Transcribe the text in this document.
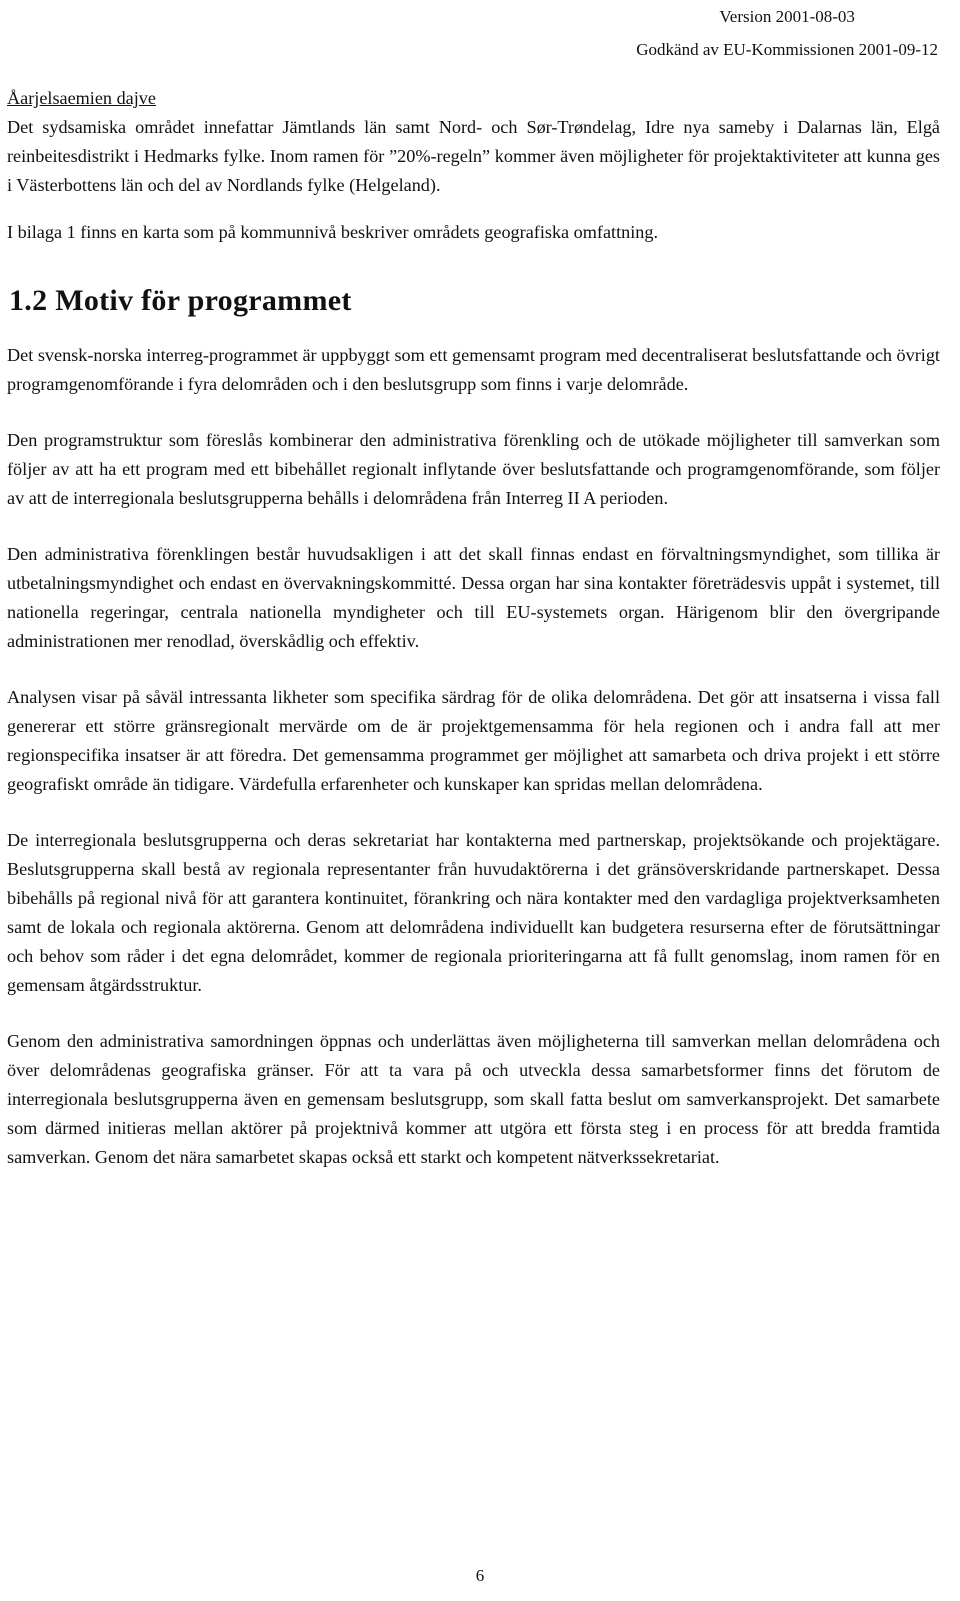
Version 2001-08-03
Godkänd av EU-Kommissionen 2001-09-12

Åarjelsaemien dajve
Det sydsamiska området innefattar Jämtlands län samt Nord- och Sør-Trøndelag, Idre nya sameby i Dalarnas län, Elgå reinbeitesdistrikt i Hedmarks fylke. Inom ramen för ”20%-regeln” kommer även möjligheter för projektaktiviteter att kunna ges i Västerbottens län och del av Nordlands fylke (Helgeland).

I bilaga 1 finns en karta som på kommunnivå beskriver områdets geografiska omfattning.

1.2 Motiv för programmet

Det svensk-norska interreg-programmet är uppbyggt som ett gemensamt program med decentraliserat beslutsfattande och övrigt programgenomförande i fyra delområden och i den beslutsgrupp som finns i varje delområde.

Den programstruktur som föreslås kombinerar den administrativa förenkling och de utökade möjligheter till samverkan som följer av att ha ett program med ett bibehållet regionalt inflytande över beslutsfattande och programgenomförande, som följer av att de interregionala beslutsgrupperna behålls i delområdena från Interreg II A perioden.

Den administrativa förenklingen består huvudsakligen i att det skall finnas endast en förvaltningsmyndighet, som tillika är utbetalningsmyndighet och endast en övervakningskommitté. Dessa organ har sina kontakter företrädesvis uppåt i systemet, till nationella regeringar, centrala nationella myndigheter och till EU-systemets organ. Härigenom blir den övergripande administrationen mer renodlad, överskådlig och effektiv.

Analysen visar på såväl intressanta likheter som specifika särdrag för de olika delområdena. Det gör att insatserna i vissa fall genererar ett större gränsregionalt mervärde om de är projektgemensamma för hela regionen och i andra fall att mer regionspecifika insatser är att föredra. Det gemensamma programmet ger möjlighet att samarbeta och driva projekt i ett större geografiskt område än tidigare. Värdefulla erfarenheter och kunskaper kan spridas mellan delområdena.

De interregionala beslutsgrupperna och deras sekretariat har kontakterna med partnerskap, projektsökande och projektägare. Beslutsgrupperna skall bestå av regionala representanter från huvudaktörerna i det gränsöverskridande partnerskapet. Dessa bibehålls på regional nivå för att garantera kontinuitet, förankring och nära kontakter med den vardagliga projektverksamheten samt de lokala och regionala aktörerna. Genom att delområdena individuellt kan budgetera resurserna efter de förutsättningar och behov som råder i det egna delområdet, kommer de regionala prioriteringarna att få fullt genomslag, inom ramen för en gemensam åtgärdsstruktur.

Genom den administrativa samordningen öppnas och underlättas även möjligheterna till samverkan mellan delområdena och över delområdenas geografiska gränser. För att ta vara på och utveckla dessa samarbetsformer finns det förutom de interregionala beslutsgrupperna även en gemensam beslutsgrupp, som skall fatta beslut om samverkansprojekt. Det samarbete som därmed initieras mellan aktörer på projektnivå kommer att utgöra ett första steg i en process för att bredda framtida samverkan. Genom det nära samarbetet skapas också ett starkt och kompetent nätverkssekretariat.

6
